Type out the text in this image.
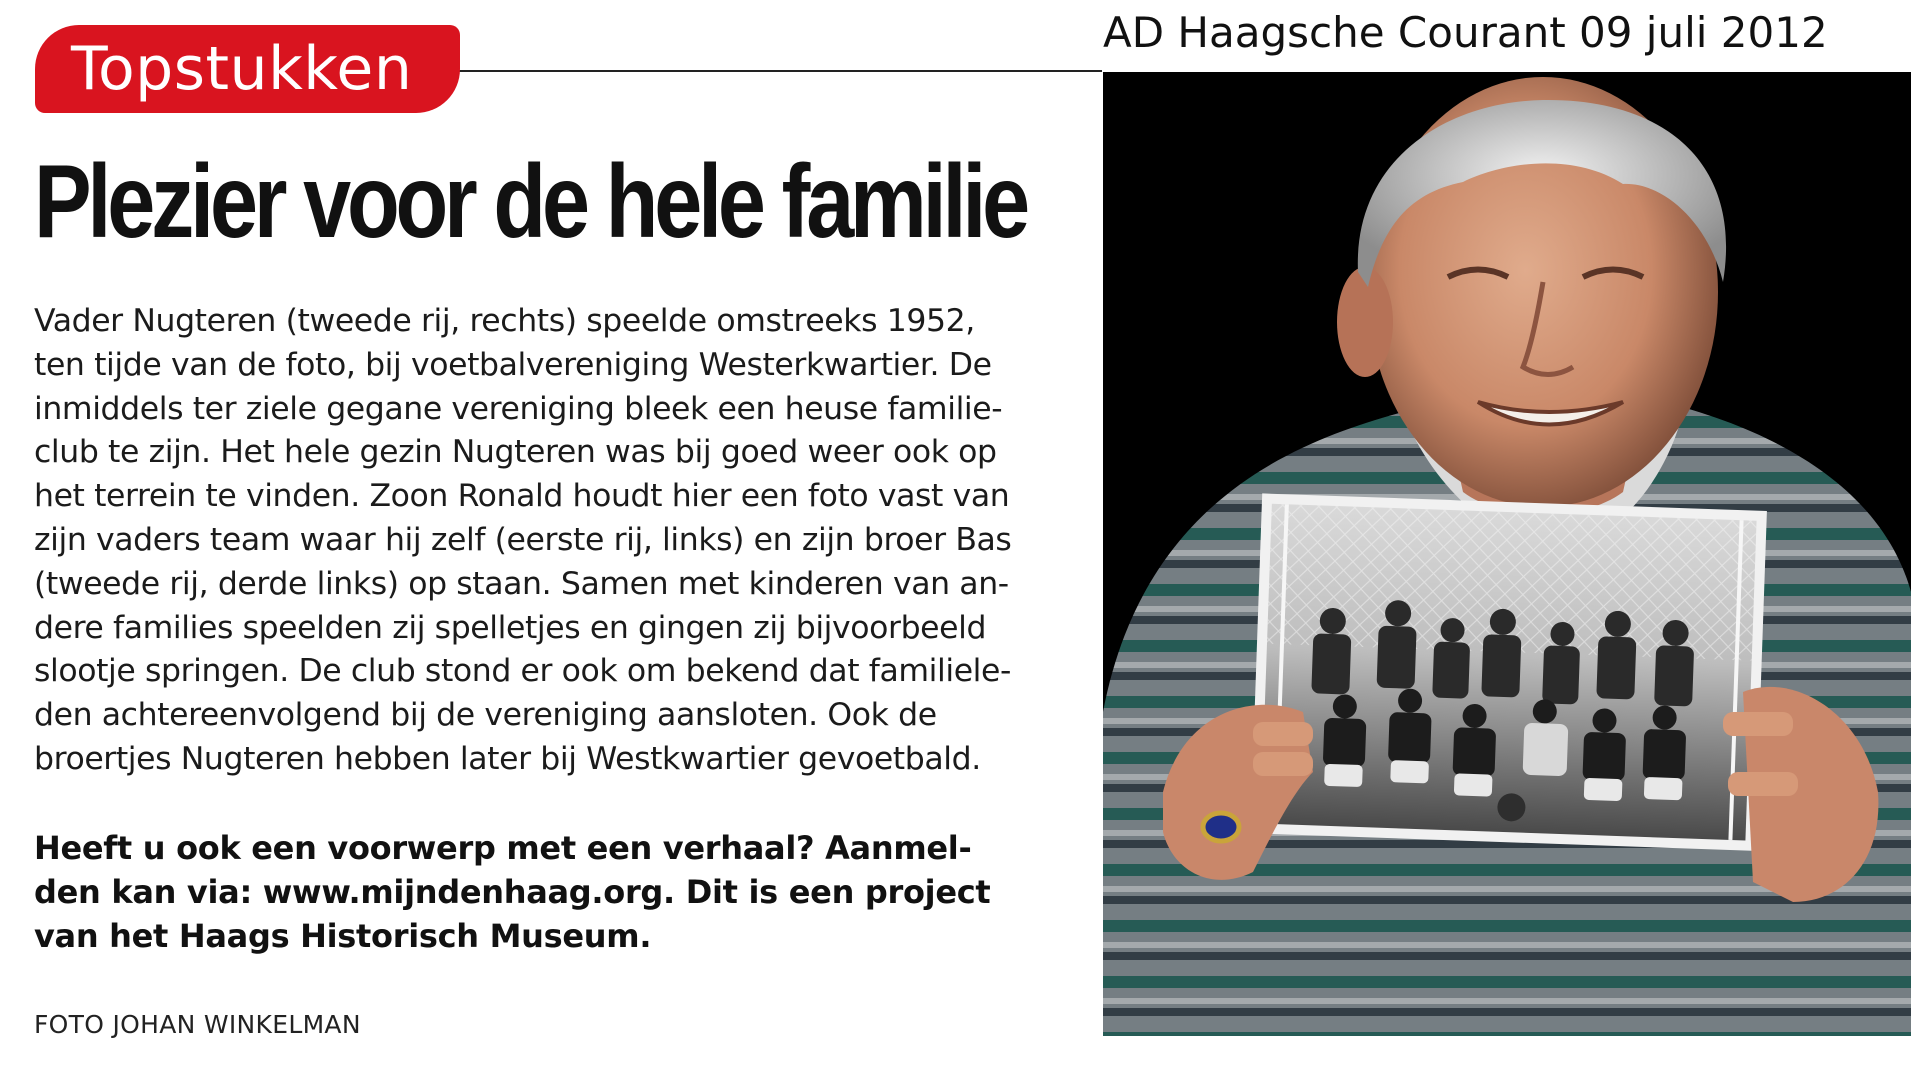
AD Haagsche Courant 09 juli 2012
Topstukken
Plezier voor de hele familie

Vader Nugteren (tweede rij, rechts) speelde omstreeks 1952,
ten tijde van de foto, bij voetbalvereniging Westerkwartier. De
inmiddels ter ziele gegane vereniging bleek een heuse familie-
club te zijn. Het hele gezin Nugteren was bij goed weer ook op
het terrein te vinden. Zoon Ronald houdt hier een foto vast van
zijn vaders team waar hij zelf (eerste rij, links) en zijn broer Bas
(tweede rij, derde links) op staan. Samen met kinderen van an-
dere families speelden zij spelletjes en gingen zij bijvoorbeeld
slootje springen. De club stond er ook om bekend dat familiele-
den achtereenvolgend bij de vereniging aansloten. Ook de
broertjes Nugteren hebben later bij Westkwartier gevoetbald.

Heeft u ook een voorwerp met een verhaal? Aanmel-
den kan via: www.mijndenhaag.org. Dit is een project
van het Haags Historisch Museum.

FOTO JOHAN WINKELMAN
